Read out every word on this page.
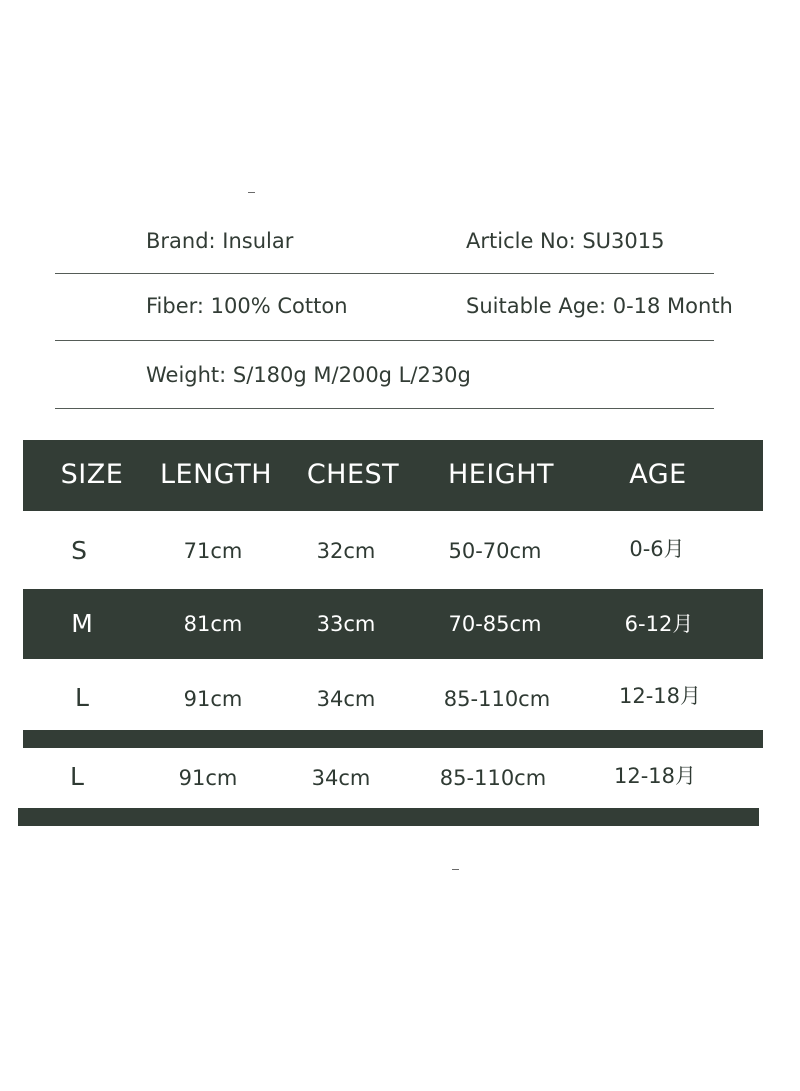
Brand: Insular	Article No: SU3015
Fiber: 100% Cotton	Suitable Age: 0-18 Month
Weight: S/180g M/200g L/230g
SIZE LENGTH CHEST HEIGHT	AGE
S	71cm	32cm	50-70cm	0-6月
M	81cm	33cm	70-85cm	6-12月
L	91cm	34cm	85-110cm	12-18月
L	91cm	34cm	85-110cm	12-18月
